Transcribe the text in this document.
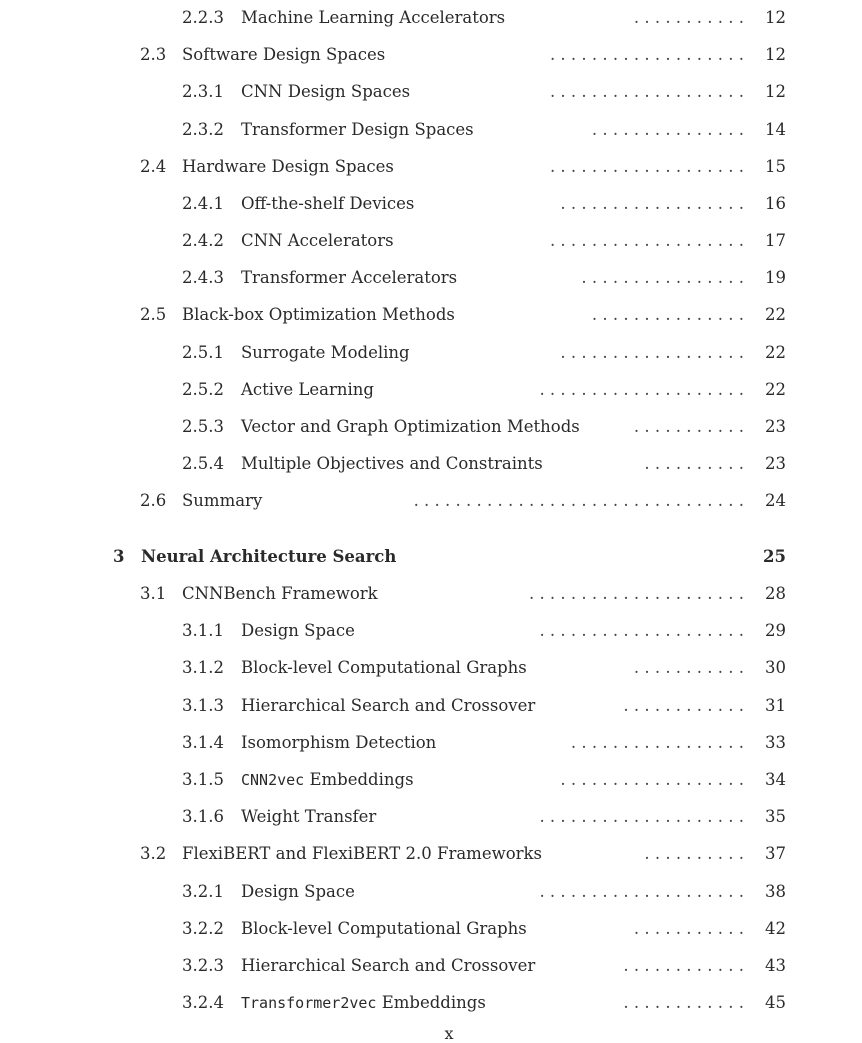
2.2.3 Machine Learning Accelerators	. . . . . . . . . . .	12
2.3 Software Design Spaces	. . . . . . . . . . . . . . . . . . .	12
2.3.1 CNN Design Spaces	. . . . . . . . . . . . . . . . . . .	12
2.3.2 Transformer Design Spaces	. . . . . . . . . . . . . . .	14
2.4 Hardware Design Spaces	. . . . . . . . . . . . . . . . . . .	15
2.4.1 Off-the-shelf Devices	. . . . . . . . . . . . . . . . . .	16
2.4.2 CNN Accelerators	. . . . . . . . . . . . . . . . . . .	17
2.4.3 Transformer Accelerators	. . . . . . . . . . . . . . . .	19
2.5 Black-box Optimization Methods	. . . . . . . . . . . . . . .	22
2.5.1 Surrogate Modeling	. . . . . . . . . . . . . . . . . .	22
2.5.2 Active Learning	. . . . . . . . . . . . . . . . . . . .	22
2.5.3 Vector and Graph Optimization Methods	. . . . . . . . . . .	23
2.5.4 Multiple Objectives and Constraints	. . . . . . . . . .	23
2.6 Summary	. . . . . . . . . . . . . . . . . . . . . . . . . . . . . . . .	24
3 Neural Architecture Search	25
3.1 CNNBench Framework	. . . . . . . . . . . . . . . . . . . . .	28
3.1.1 Design Space	. . . . . . . . . . . . . . . . . . . .	29
3.1.2 Block-level Computational Graphs	. . . . . . . . . . .	30
3.1.3 Hierarchical Search and Crossover	. . . . . . . . . . . .	31
3.1.4 Isomorphism Detection	. . . . . . . . . . . . . . . . .	33
3.1.5 CNN2vec Embeddings	. . . . . . . . . . . . . . . . . .	34
3.1.6 Weight Transfer	. . . . . . . . . . . . . . . . . . . .	35
3.2 FlexiBERT and FlexiBERT 2.0 Frameworks	. . . . . . . . . .	37
3.2.1 Design Space	. . . . . . . . . . . . . . . . . . . .	38
3.2.2 Block-level Computational Graphs	. . . . . . . . . . .	42
3.2.3 Hierarchical Search and Crossover	. . . . . . . . . . . .	43
3.2.4 Transformer2vec Embeddings	. . . . . . . . . . . .	45
x
